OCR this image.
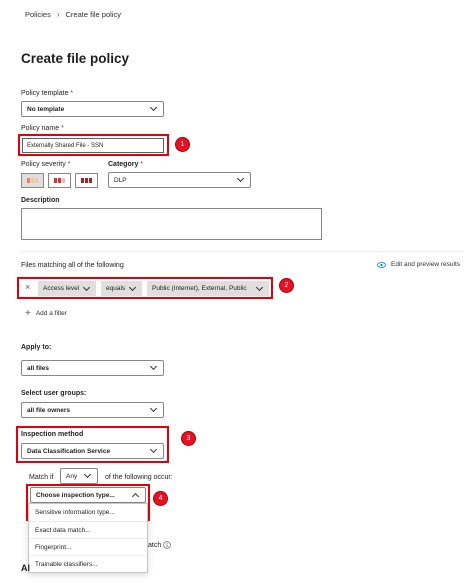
Policies › Create file policy
Create file policy
Policy template *
No template
Policy name *
Externally Shared File - SSN	1
Policy severity *	Category *
DLP
Description
Files matching all of the following	Edit and preview results
× Access level	equals	Public (Internet), External, Public	2
+ Add a filter
Apply to:
all files
Select user groups:
all file owners
Inspection method
Data Classification Service
3
Match if Any	of the following occur:
Choose inspection type...
Sensitive information type...
Exact data match...
Fingerprint...
Trainable classifiers...
4
atch
Al
